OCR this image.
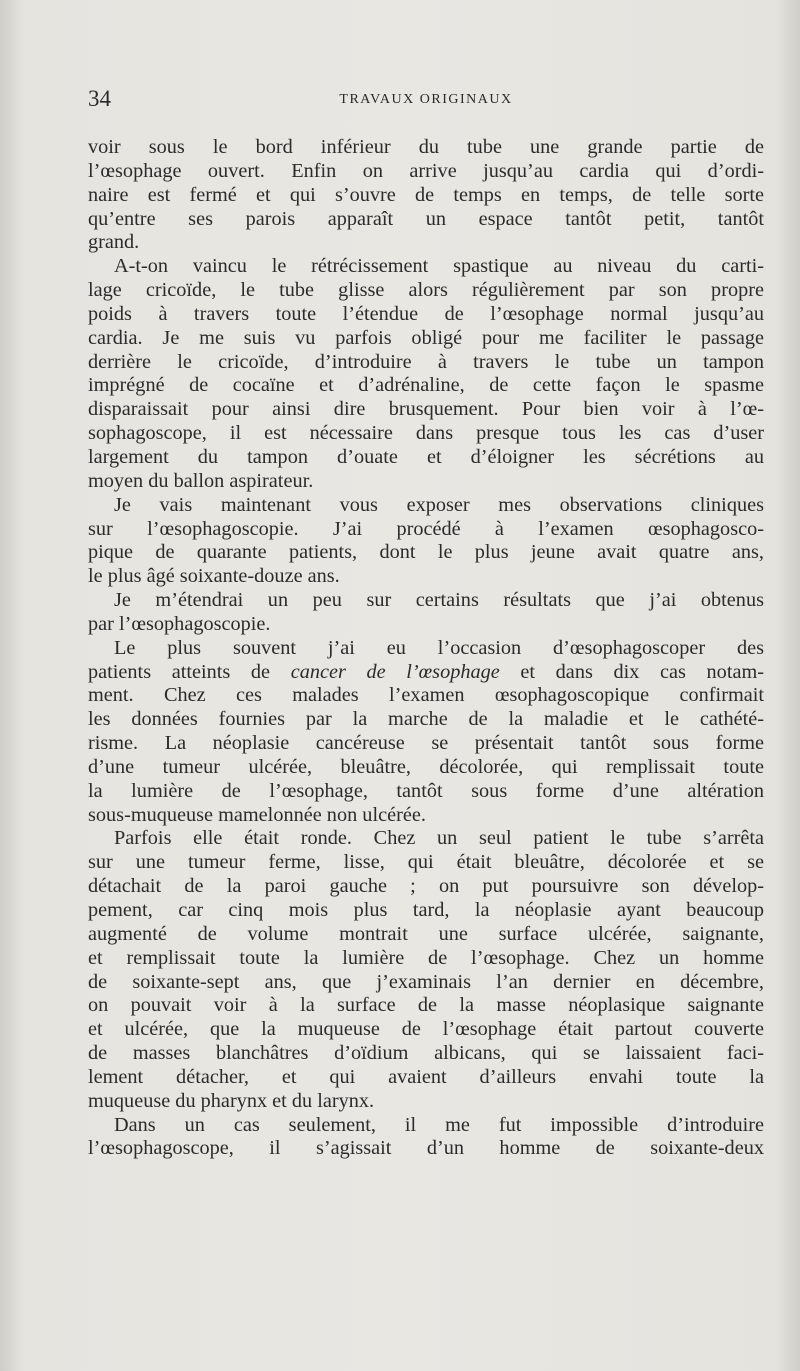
34	TRAVAUX ORIGINAUX

voir sous le bord inférieur du tube une grande partie de
l’œsophage ouvert. Enfin on arrive jusqu’au cardia qui d’ordi-
naire est fermé et qui s’ouvre de temps en temps, de telle sorte
qu’entre ses parois apparaît un espace tantôt petit, tantôt
grand.

A-t-on vaincu le rétrécissement spastique au niveau du carti-
lage cricoïde, le tube glisse alors régulièrement par son propre
poids à travers toute l’étendue de l’œsophage normal jusqu’au
cardia. Je me suis vu parfois obligé pour me faciliter le passage
derrière le cricoïde, d’introduire à travers le tube un tampon
imprégné de cocaïne et d’adrénaline, de cette façon le spasme
disparaissait pour ainsi dire brusquement. Pour bien voir à l’œ-
sophagoscope, il est nécessaire dans presque tous les cas d’user
largement du tampon d’ouate et d’éloigner les sécrétions au
moyen du ballon aspirateur.

Je vais maintenant vous exposer mes observations cliniques
sur l’œsophagoscopie. J’ai procédé à l’examen œsophagosco-
pique de quarante patients, dont le plus jeune avait quatre ans,
le plus âgé soixante-douze ans.

Je m’étendrai un peu sur certains résultats que j’ai obtenus
par l’œsophagoscopie.

Le plus souvent j’ai eu l’occasion d’œsophagoscoper des
patients atteints de cancer de l’œsophage et dans dix cas notam-
ment. Chez ces malades l’examen œsophagoscopique confirmait
les données fournies par la marche de la maladie et le cathété-
risme. La néoplasie cancéreuse se présentait tantôt sous forme
d’une tumeur ulcérée, bleuâtre, décolorée, qui remplissait toute
la lumière de l’œsophage, tantôt sous forme d’une altération
sous-muqueuse mamelonnée non ulcérée.

Parfois elle était ronde. Chez un seul patient le tube s’arrêta
sur une tumeur ferme, lisse, qui était bleuâtre, décolorée et se
détachait de la paroi gauche ; on put poursuivre son dévelop-
pement, car cinq mois plus tard, la néoplasie ayant beaucoup
augmenté de volume montrait une surface ulcérée, saignante,
et remplissait toute la lumière de l’œsophage. Chez un homme
de soixante-sept ans, que j’examinais l’an dernier en décembre,
on pouvait voir à la surface de la masse néoplasique saignante
et ulcérée, que la muqueuse de l’œsophage était partout couverte
de masses blanchâtres d’oïdium albicans, qui se laissaient faci-
lement détacher, et qui avaient d’ailleurs envahi toute la
muqueuse du pharynx et du larynx.

Dans un cas seulement, il me fut impossible d’introduire
l’œsophagoscope, il s’agissait d’un homme de soixante-deux
